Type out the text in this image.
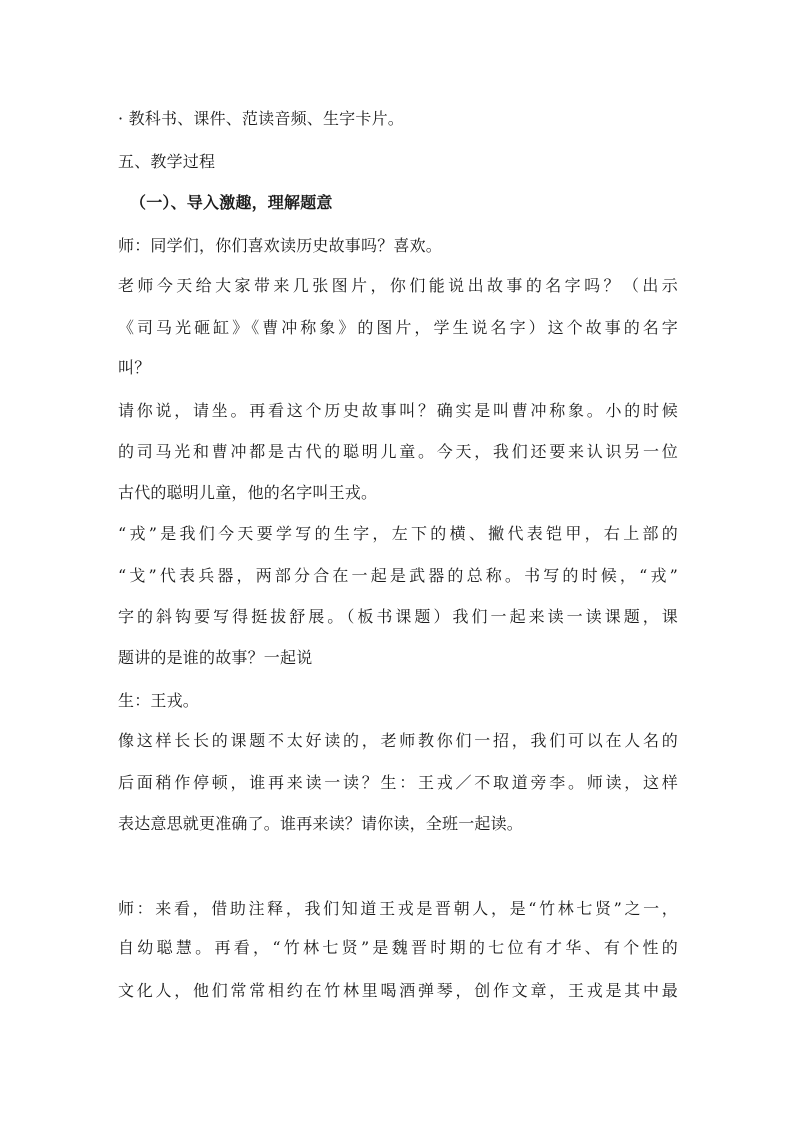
· 教科书、课件、范读音频、生字卡片。
五、教学过程
（一）、导入激趣，理解题意
师：同学们，你们喜欢读历史故事吗？喜欢。
老师今天给大家带来几张图片，你们能说出故事的名字吗？（出示
《司马光砸缸》《曹冲称象》的图片，学生说名字）这个故事的名字
叫？
请你说，请坐。再看这个历史故事叫？确实是叫曹冲称象。小的时候
的司马光和曹冲都是古代的聪明儿童。今天，我们还要来认识另一位
古代的聪明儿童，他的名字叫王戎。
“戎”是我们今天要学写的生字，左下的横、撇代表铠甲，右上部的
“戈”代表兵器，两部分合在一起是武器的总称。书写的时候，“戎”
字的斜钩要写得挺拔舒展。（板书课题）我们一起来读一读课题，课
题讲的是谁的故事？一起说
生：王戎。
像这样长长的课题不太好读的，老师教你们一招，我们可以在人名的
后面稍作停顿，谁再来读一读？生：王戎／不取道旁李。师读，这样
表达意思就更准确了。谁再来读？请你读，全班一起读。
师：来看，借助注释，我们知道王戎是晋朝人，是“竹林七贤”之一，
自幼聪慧。再看，“竹林七贤”是魏晋时期的七位有才华、有个性的
文化人，他们常常相约在竹林里喝酒弹琴，创作文章，王戎是其中最
